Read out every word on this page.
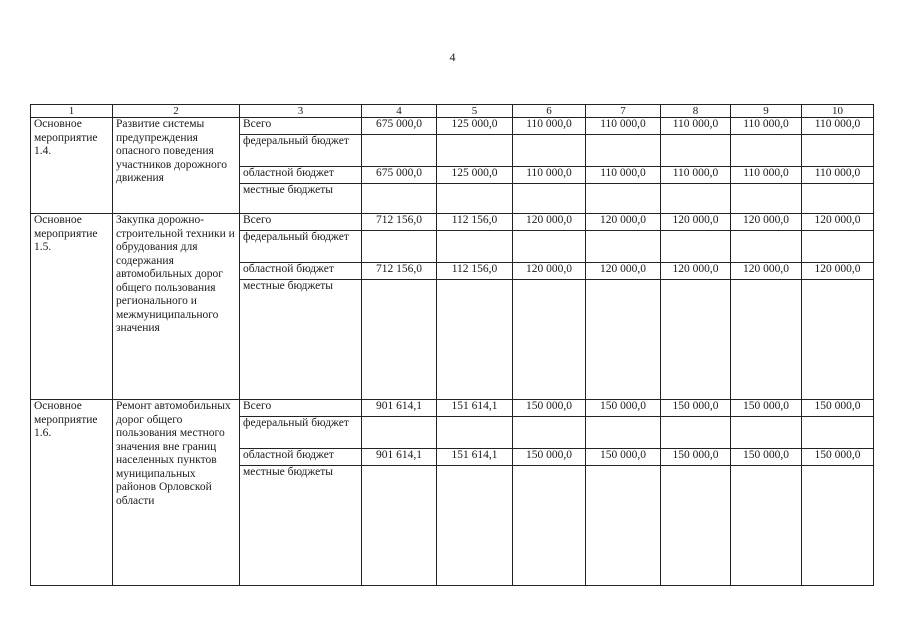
4
1	2	3	4	5	6	7	8	9	10
Основное мероприятие 1.4.	Развитие системы предупреждения опасного поведения участников дорожного движения	Всего	675 000,0	125 000,0	110 000,0	110 000,0	110 000,0	110 000,0	110 000,0
		федеральный бюджет							
		областной бюджет	675 000,0	125 000,0	110 000,0	110 000,0	110 000,0	110 000,0	110 000,0
		местные бюджеты							
Основное мероприятие 1.5.	Закупка дорожно-строительной техники и обрудования для содержания автомобильных дорог общего пользования регионального и межмуниципального значения	Всего	712 156,0	112 156,0	120 000,0	120 000,0	120 000,0	120 000,0	120 000,0
		федеральный бюджет							
		областной бюджет	712 156,0	112 156,0	120 000,0	120 000,0	120 000,0	120 000,0	120 000,0
		местные бюджеты							
Основное мероприятие 1.6.	Ремонт автомобильных дорог общего пользования местного значения вне границ населенных пунктов муниципальных районов Орловской области	Всего	901 614,1	151 614,1	150 000,0	150 000,0	150 000,0	150 000,0	150 000,0
		федеральный бюджет							
		областной бюджет	901 614,1	151 614,1	150 000,0	150 000,0	150 000,0	150 000,0	150 000,0
		местные бюджеты							
